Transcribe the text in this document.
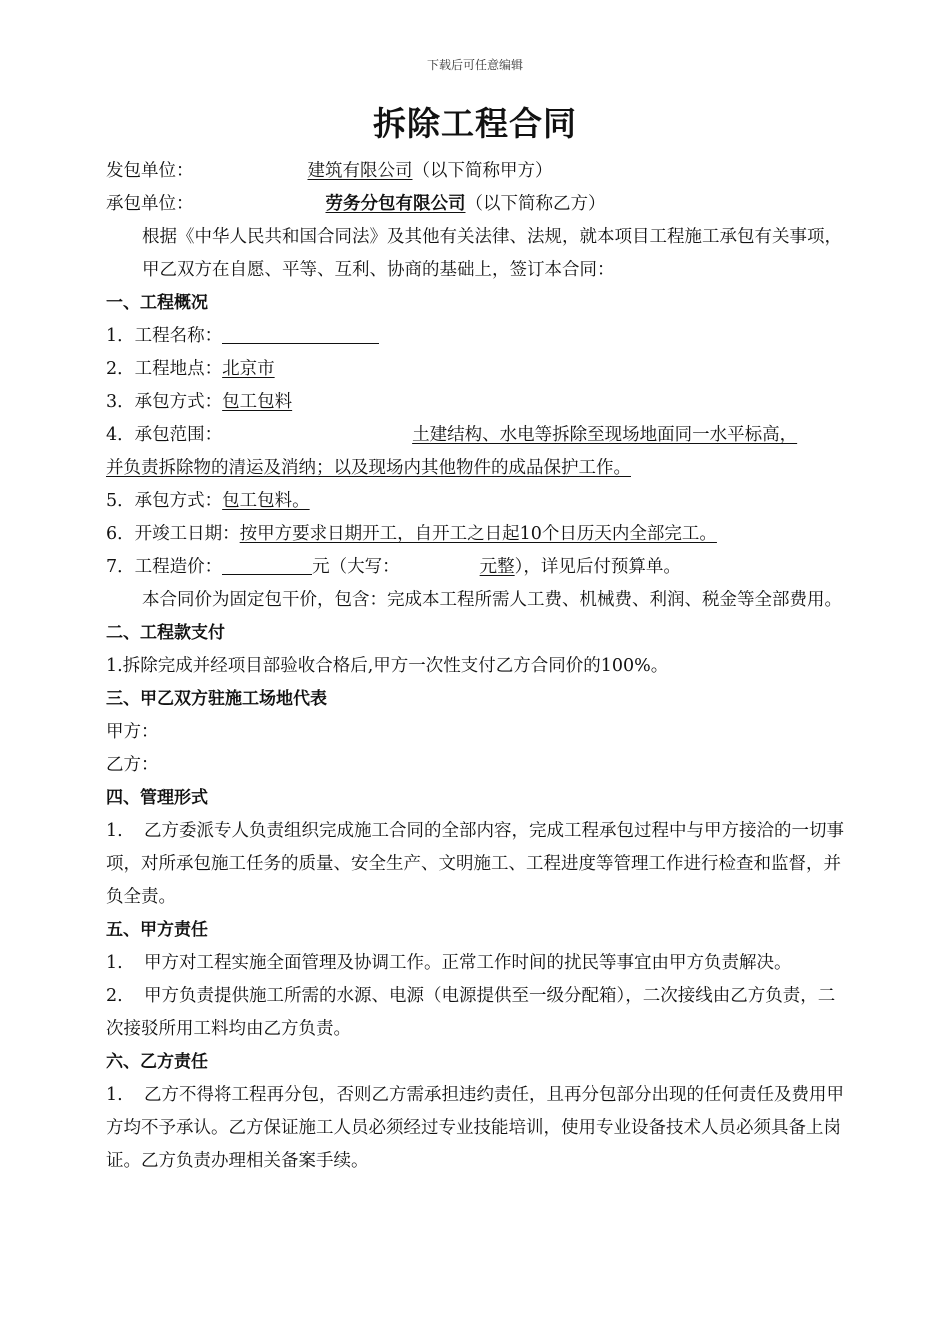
下载后可任意编辑
拆除工程合同
发包单位：	建筑有限公司（以下简称甲方）
承包单位：	劳务分包有限公司（以下简称乙方）
根据《中华人民共和国合同法》及其他有关法律、法规，就本项目工程施工承包有关事项，甲乙双方在自愿、平等、互利、协商的基础上，签订本合同：
一、工程概况
1．工程名称：
2．工程地点：北京市
3．承包方式：包工包料
4．承包范围：	土建结构、水电等拆除至现场地面同一水平标高，
并负责拆除物的清运及消纳；以及现场内其他物件的成品保护工作。
5．承包方式：包工包料。
6．开竣工日期：按甲方要求日期开工，自开工之日起10个日历天内全部完工。
7．工程造价：	元（大写：	元整），详见后付预算单。
本合同价为固定包干价，包含：完成本工程所需人工费、机械费、利润、税金等全部费用。
二、工程款支付
1.拆除完成并经项目部验收合格后,甲方一次性支付乙方合同价的100%。
三、甲乙双方驻施工场地代表
甲方：
乙方：
四、管理形式
1. 乙方委派专人负责组织完成施工合同的全部内容，完成工程承包过程中与甲方接洽的一切事项，对所承包施工任务的质量、安全生产、文明施工、工程进度等管理工作进行检查和监督，并负全责。
五、甲方责任
1. 甲方对工程实施全面管理及协调工作。正常工作时间的扰民等事宜由甲方负责解决。
2. 甲方负责提供施工所需的水源、电源（电源提供至一级分配箱），二次接线由乙方负责，二次接驳所用工料均由乙方负责。
六、乙方责任
1. 乙方不得将工程再分包，否则乙方需承担违约责任，且再分包部分出现的任何责任及费用甲方均不予承认。乙方保证施工人员必须经过专业技能培训，使用专业设备技术人员必须具备上岗证。乙方负责办理相关备案手续。
